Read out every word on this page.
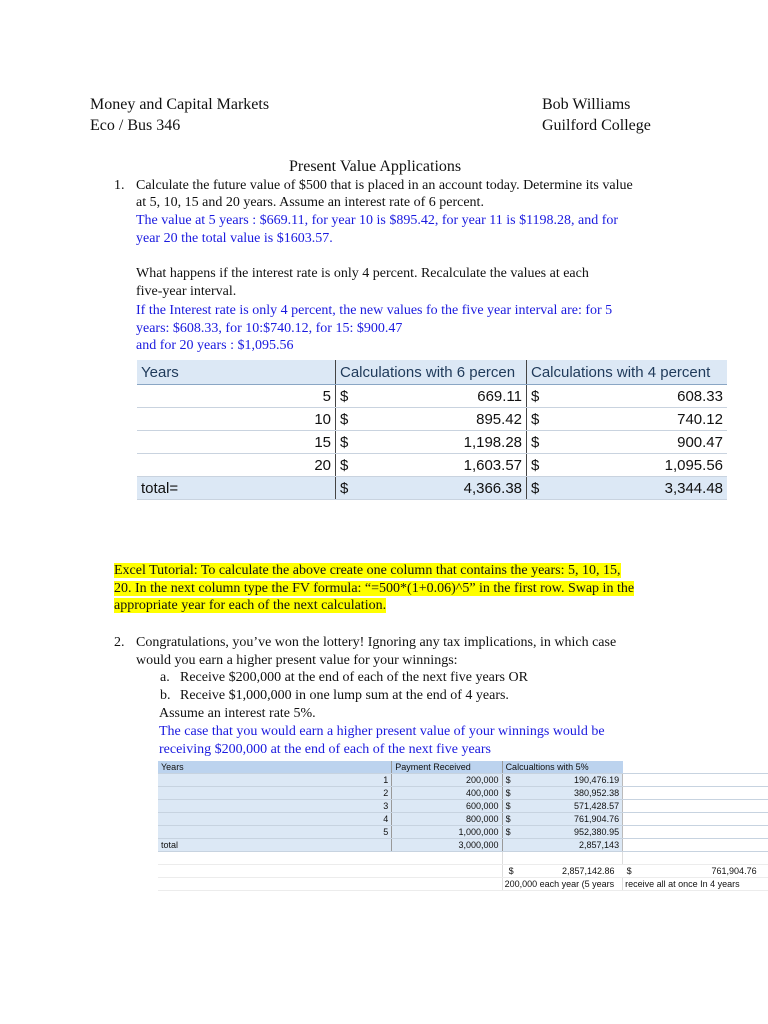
Money and Capital Markets
Eco / Bus 346
Bob Williams
Guilford College
Present Value Applications
1. Calculate the future value of $500 that is placed in an account today. Determine its value
at 5, 10, 15 and 20 years. Assume an interest rate of 6 percent.
The value at 5 years : $669.11, for year 10 is $895.42, for year 11 is $1198.28, and for
year 20 the total value is $1603.57.
What happens if the interest rate is only 4 percent. Recalculate the values at each
five-year interval.
If the Interest rate is only 4 percent, the new values fo the five year interval are: for 5
years: $608.33, for 10:$740.12, for 15: $900.47
and for 20 years : $1,095.56
Years	Calculations with 6 percen		Calculations with 4 percent	
5	$	669.11	$	608.33
10	$	895.42	$	740.12
15	$	1,198.28	$	900.47
20	$	1,603.57	$	1,095.56
total=	$	4,366.38	$	3,344.48
Excel Tutorial: To calculate the above create one column that contains the years: 5, 10, 15,
20. In the next column type the FV formula: “=500*(1+0.06)^5” in the first row. Swap in the
appropriate year for each of the next calculation.
2. Congratulations, you’ve won the lottery! Ignoring any tax implications, in which case
would you earn a higher present value for your winnings:
a. Receive $200,000 at the end of each of the next five years OR
b. Receive $1,000,000 in one lump sum at the end of 4 years.
Assume an interest rate 5%.
The case that you would earn a higher present value of your winnings would be
receiving $200,000 at the end of each of the next five years
Years		Payment Received	Calcualtions with 5%		
	1	200,000	$	190,476.19	
	2	400,000	$	380,952.38	
	3	600,000	$	571,428.57	
	4	800,000	$	761,904.76	
	5	1,000,000	$	952,380.95	
total		3,000,000		2,857,143	

			$ 2,857,142.86		$ 761,904.76
			200,000 each year (5 years		receive all at once In 4 years
